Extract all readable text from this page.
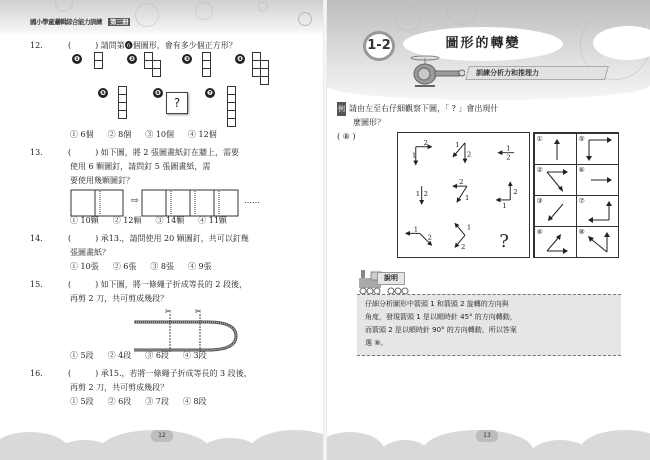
國小學童邏輯綜合能力訓練 第三冊
12.	(	) 請問第❻個圖形，會有多少個正方形？
❶	❷	❸	❹
❺	❻
?
❼
① 6個 ② 8個 ③ 10個 ④ 12個
13.	(	) 如下圖，將 2 張圖畫紙釘在牆上，需要
使用 6 顆圖釘，請問釘 5 張圖畫紙，需
要使用幾顆圖釘？
⇨	……
① 10顆 ② 12顆 ③ 14顆 ④ 11顆
14.	(	) 承13.，請問使用 20 顆圖釘，共可以釘幾
張圖畫紙？
① 10張 ② 6張 ③ 8張 ④ 9張
15.	(	) 如下圖，將一條繩子折成等長的 2 段後，
再剪 2 刀，共可剪成幾段？
✂	✂
① 5段 ② 4段 ③ 6段 ④ 3段
16.	(	) 承15.，若將一條繩子折成等長的 3 段後，
再剪 2 刀，共可剪成幾段？
① 5段 ② 6段 ③ 7段 ④ 8段
12
1-2	圖形的轉變
訓練分析力和推理力
例 請由左至右仔細觀察下圖，「 ? 」會出現什
麼圖形？
( ⑧ )
1
2	1
2
1
2
1 2
2
1
2
1
1
2
1
2 ?
①	⑤
②	⑥
③	⑦
④	⑧
說明
仔細分析圖形中箭頭 1 和箭頭 2 旋轉的方向與
角度，發現箭頭 1 是以順時針 45° 的方向轉動，
而箭頭 2 是以順時針 90° 的方向轉動，所以答案
選 ⑧。
13
